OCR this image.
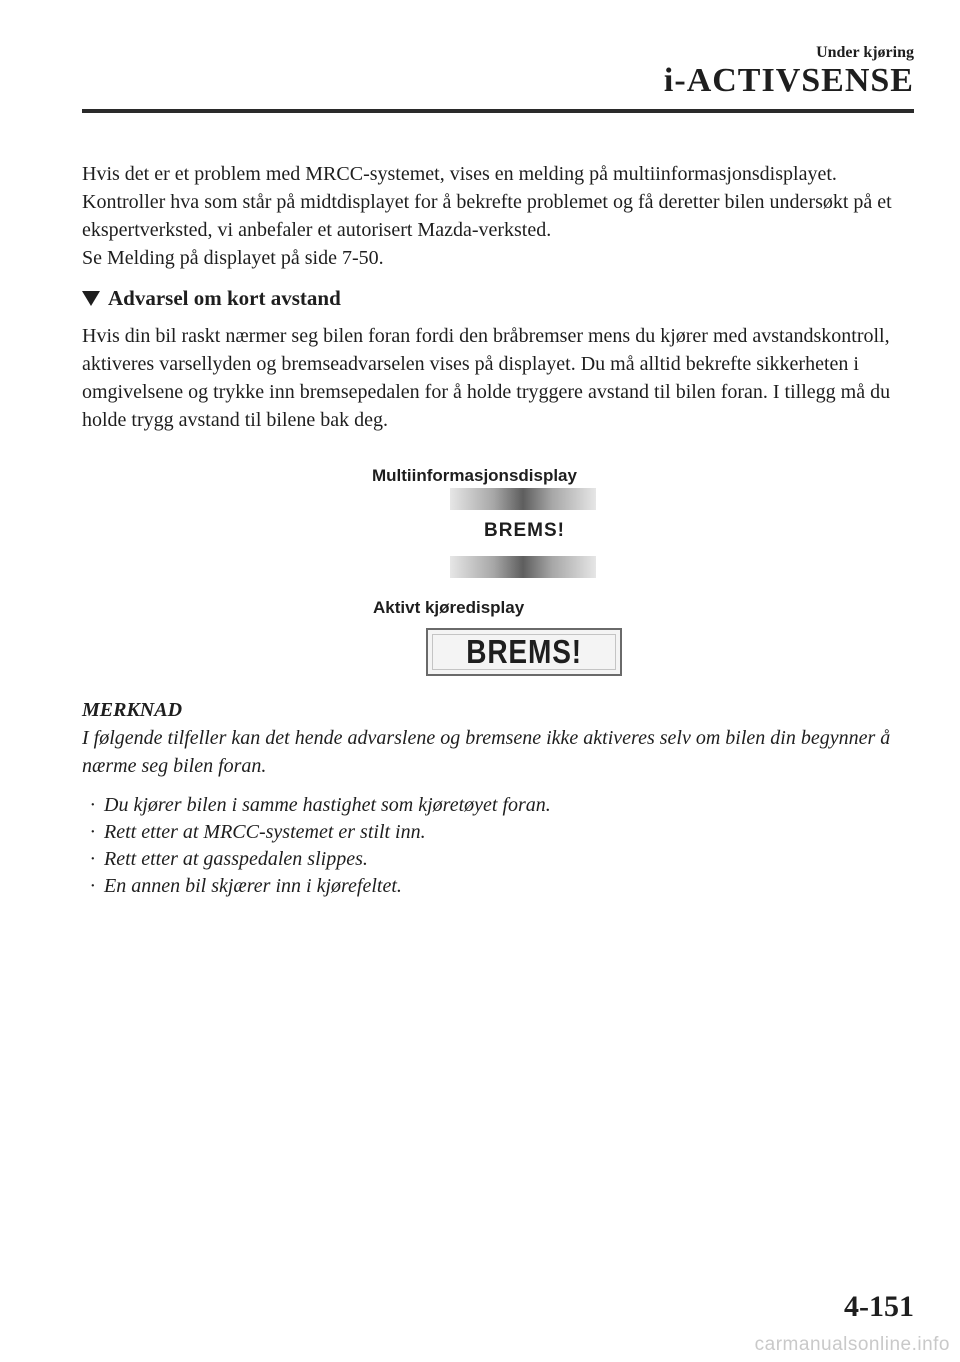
Under kjøring
i-ACTIVSENSE

Hvis det er et problem med MRCC-systemet, vises en melding på multiinformasjonsdisplayet. Kontroller hva som står på midtdisplayet for å bekrefte problemet og få deretter bilen undersøkt på et ekspertverksted, vi anbefaler et autorisert Mazda-verksted.

Se Melding på displayet på side 7-50.

Advarsel om kort avstand

Hvis din bil raskt nærmer seg bilen foran fordi den bråbremser mens du kjører med avstandskontroll, aktiveres varsellyden og bremseadvarselen vises på displayet. Du må alltid bekrefte sikkerheten i omgivelsene og trykke inn bremsepedalen for å holde tryggere avstand til bilen foran. I tillegg må du holde trygg avstand til bilene bak deg.

Multiinformasjonsdisplay
BREMS!
Aktivt kjøredisplay
BREMS!

MERKNAD

I følgende tilfeller kan det hende advarslene og bremsene ikke aktiveres selv om bilen din begynner å nærme seg bilen foran.

· Du kjører bilen i samme hastighet som kjøretøyet foran.
· Rett etter at MRCC-systemet er stilt inn.
· Rett etter at gasspedalen slippes.
· En annen bil skjærer inn i kjørefeltet.
4-151
carmanualsonline.info
